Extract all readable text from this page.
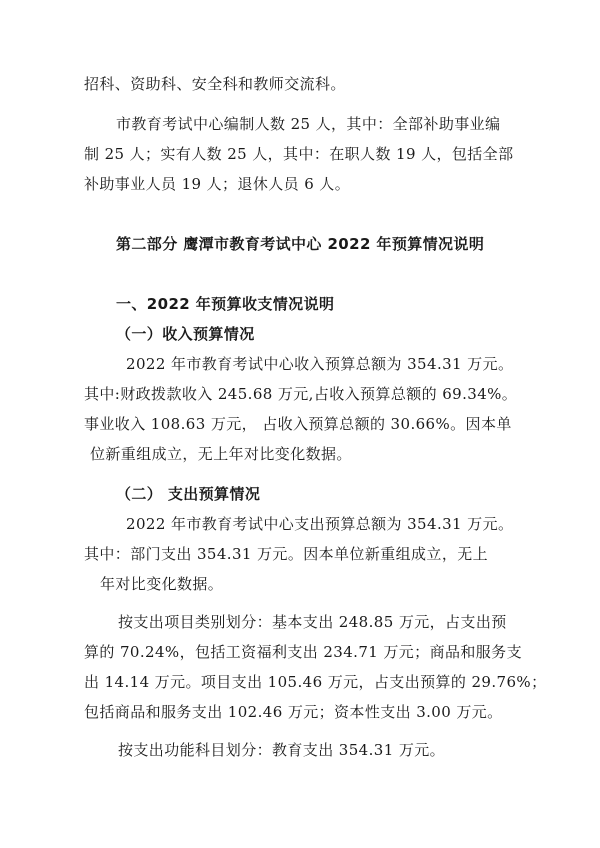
招科、资助科、安全科和教师交流科。
市教育考试中心编制人数 25 人，其中：全部补助事业编
制 25 人；实有人数 25 人，其中：在职人数 19 人，包括全部
补助事业人员 19 人；退休人员 6 人。
第二部分 鹰潭市教育考试中心 2022 年预算情况说明
一、2022 年预算收支情况说明
（一）收入预算情况
2022 年市教育考试中心收入预算总额为 354.31 万元。
其中:财政拨款收入 245.68 万元,占收入预算总额的 69.34%。
事业收入 108.63 万元， 占收入预算总额的 30.66%。因本单
位新重组成立，无上年对比变化数据。
（二） 支出预算情况
2022 年市教育考试中心支出预算总额为 354.31 万元。
其中：部门支出 354.31 万元。因本单位新重组成立，无上
年对比变化数据。
按支出项目类别划分：基本支出 248.85 万元，占支出预
算的 70.24%，包括工资福利支出 234.71 万元；商品和服务支
出 14.14 万元。项目支出 105.46 万元，占支出预算的 29.76%；
包括商品和服务支出 102.46 万元；资本性支出 3.00 万元。
按支出功能科目划分：教育支出 354.31 万元。
